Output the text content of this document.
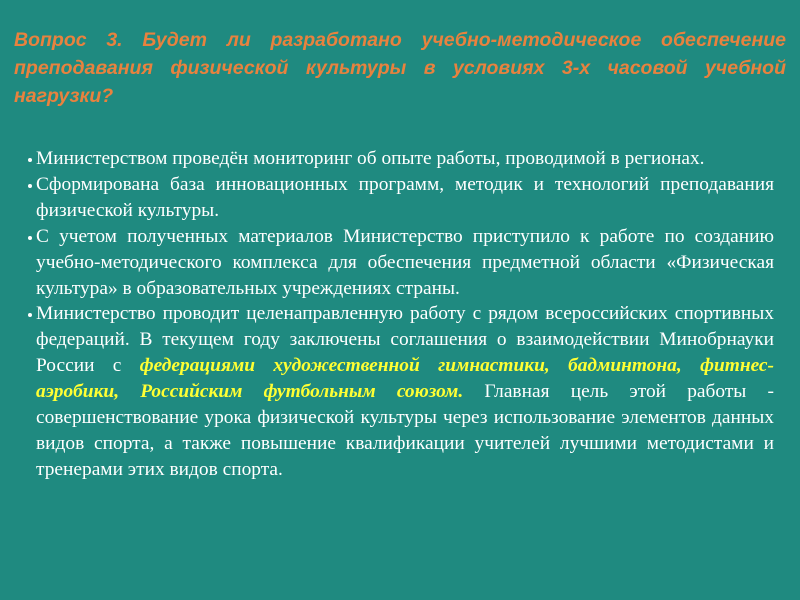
Вопрос 3. Будет ли разработано учебно-методическое обеспечение преподавания физической культуры в условиях 3-х часовой учебной нагрузки?

Министерством проведён мониторинг об опыте работы, проводимой в регионах.

Сформирована база инновационных программ, методик и технологий преподавания физической культуры.

С учетом полученных материалов Министерство приступило к работе по созданию учебно-методического комплекса для обеспечения предметной области «Физическая культура» в образовательных учреждениях страны.

Министерство проводит целенаправленную работу с рядом всероссийских спортивных федераций. В текущем году заключены соглашения о взаимодействии Минобрнауки России с федерациями художественной гимнастики, бадминтона, фитнес-аэробики, Российским футбольным союзом. Главная цель этой работы - совершенствование урока физической культуры через использование элементов данных видов спорта, а также повышение квалификации учителей лучшими методистами и тренерами этих видов спорта.
